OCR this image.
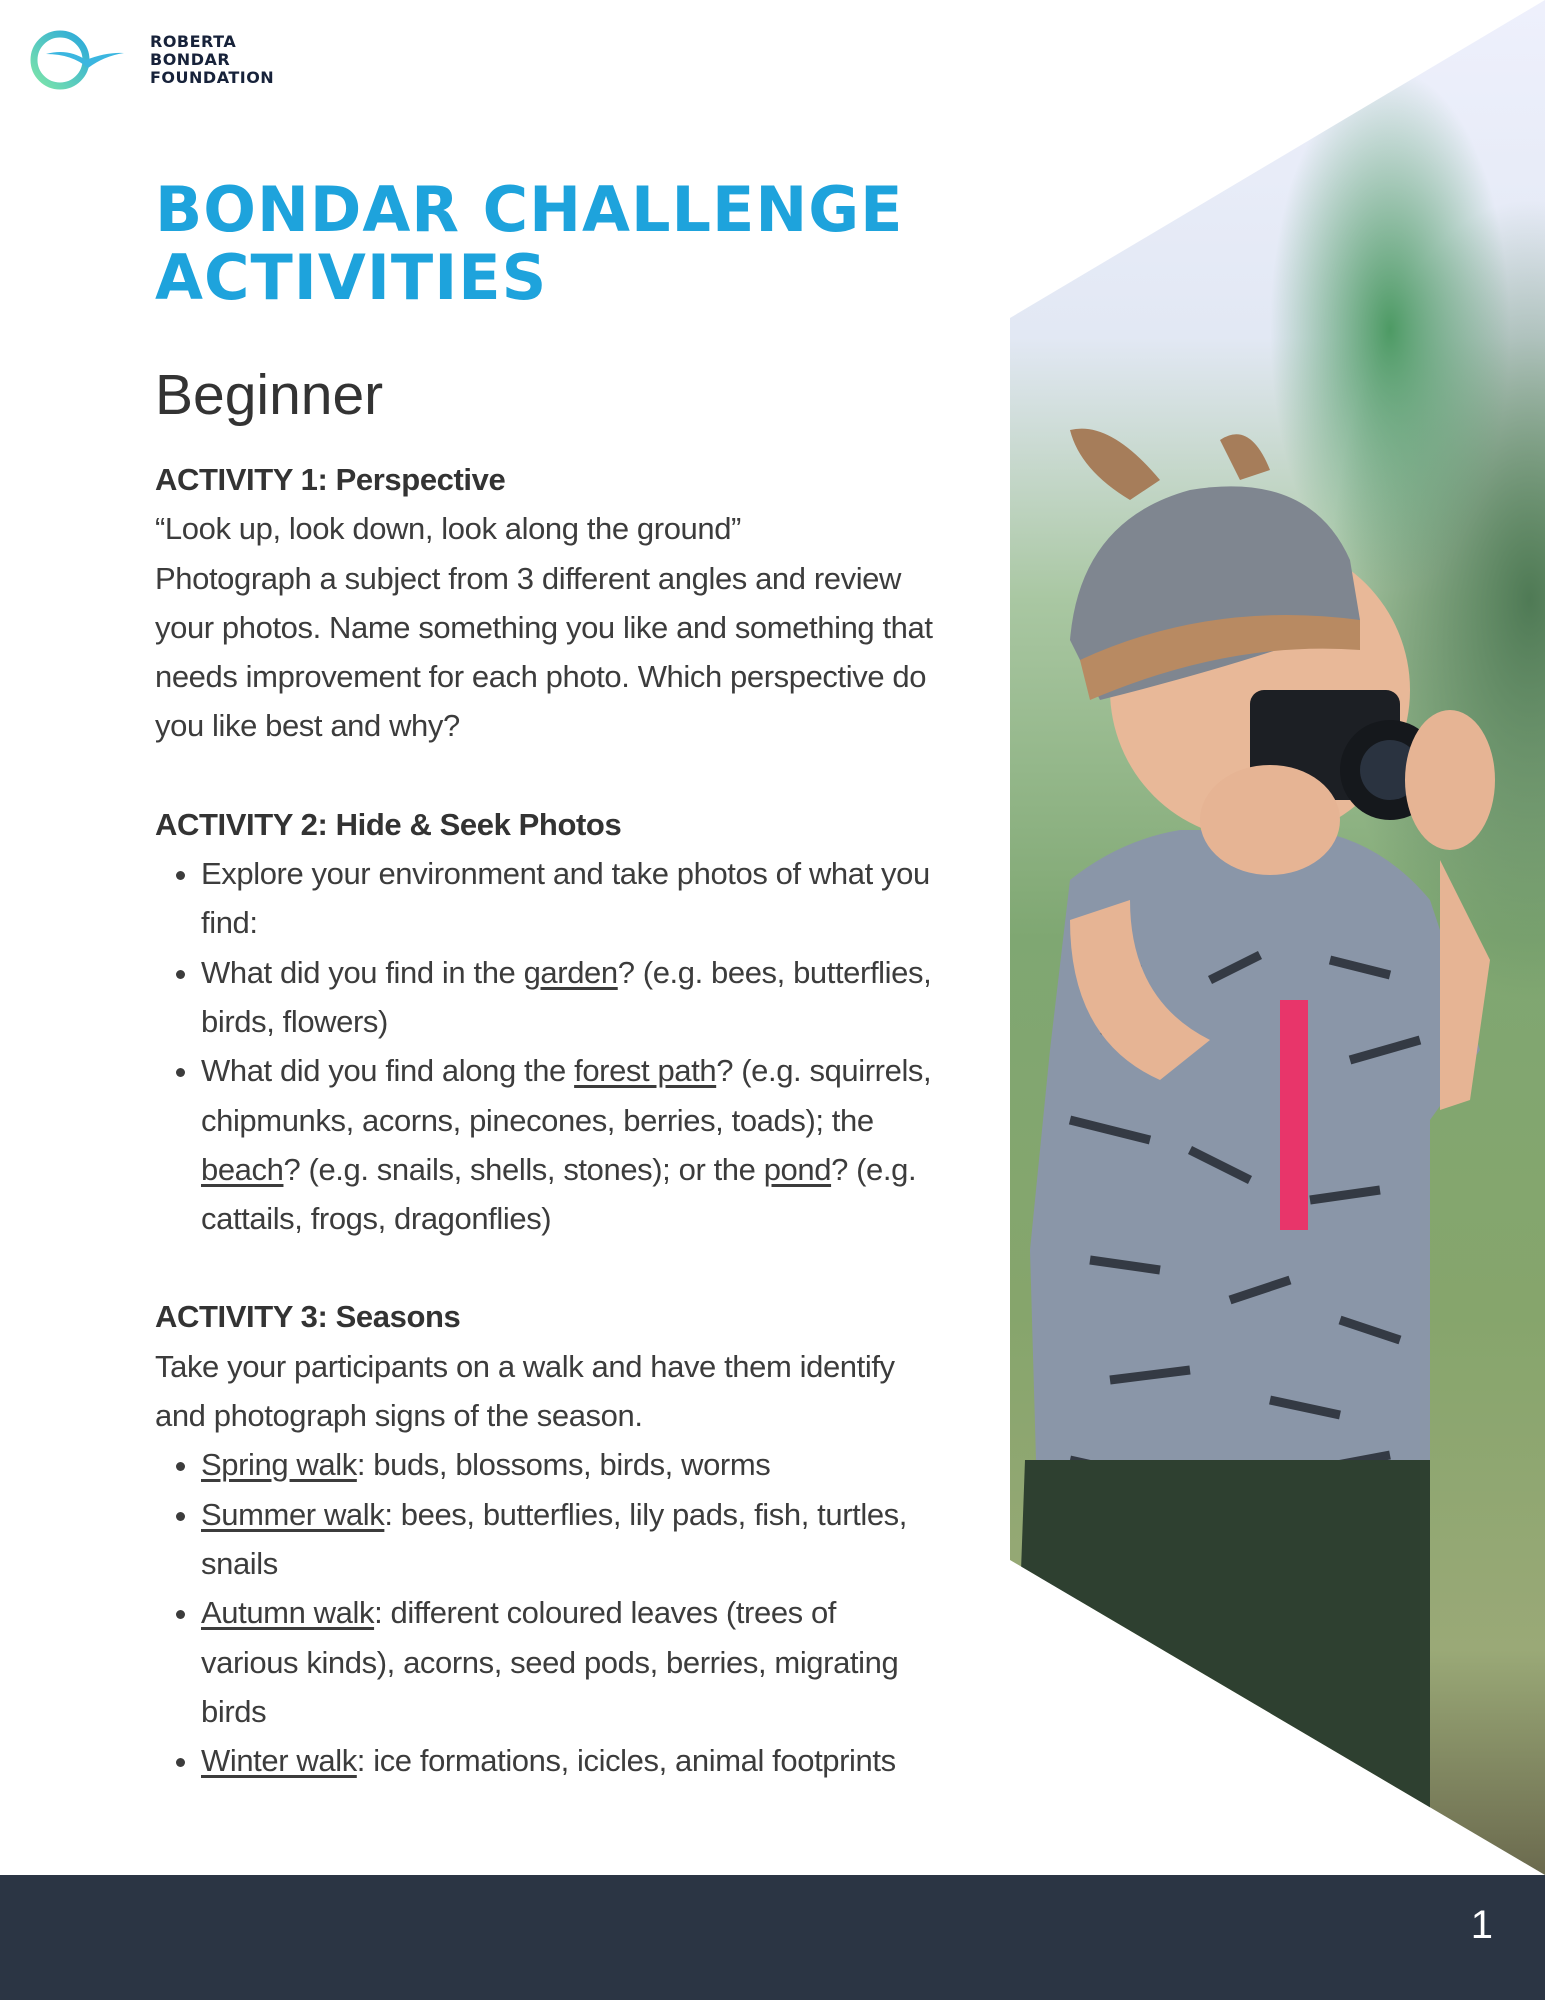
ROBERTA
BONDAR
FOUNDATION
BONDAR CHALLENGE
ACTIVITIES
Beginner
ACTIVITY 1: Perspective

“Look up, look down, look along the ground”

Photograph a subject from 3 different angles and review your photos. Name something you like and something that needs improvement for each photo. Which perspective do you like best and why?

ACTIVITY 2: Hide & Seek Photos
• Explore your environment and take photos of what you find:
• What did you find in the garden? (e.g. bees, butterflies, birds, flowers)
• What did you find along the forest path? (e.g. squirrels, chipmunks, acorns, pinecones, berries, toads); the beach? (e.g. snails, shells, stones); or the pond? (e.g. cattails, frogs, dragonflies)
ACTIVITY 3: Seasons

Take your participants on a walk and have them identify and photograph signs of the season.

• Spring walk: buds, blossoms, birds, worms
• Summer walk: bees, butterflies, lily pads, fish, turtles, snails
• Autumn walk: different coloured leaves (trees of various kinds), acorns, seed pods, berries, migrating birds
• Winter walk: ice formations, icicles, animal footprints
1
